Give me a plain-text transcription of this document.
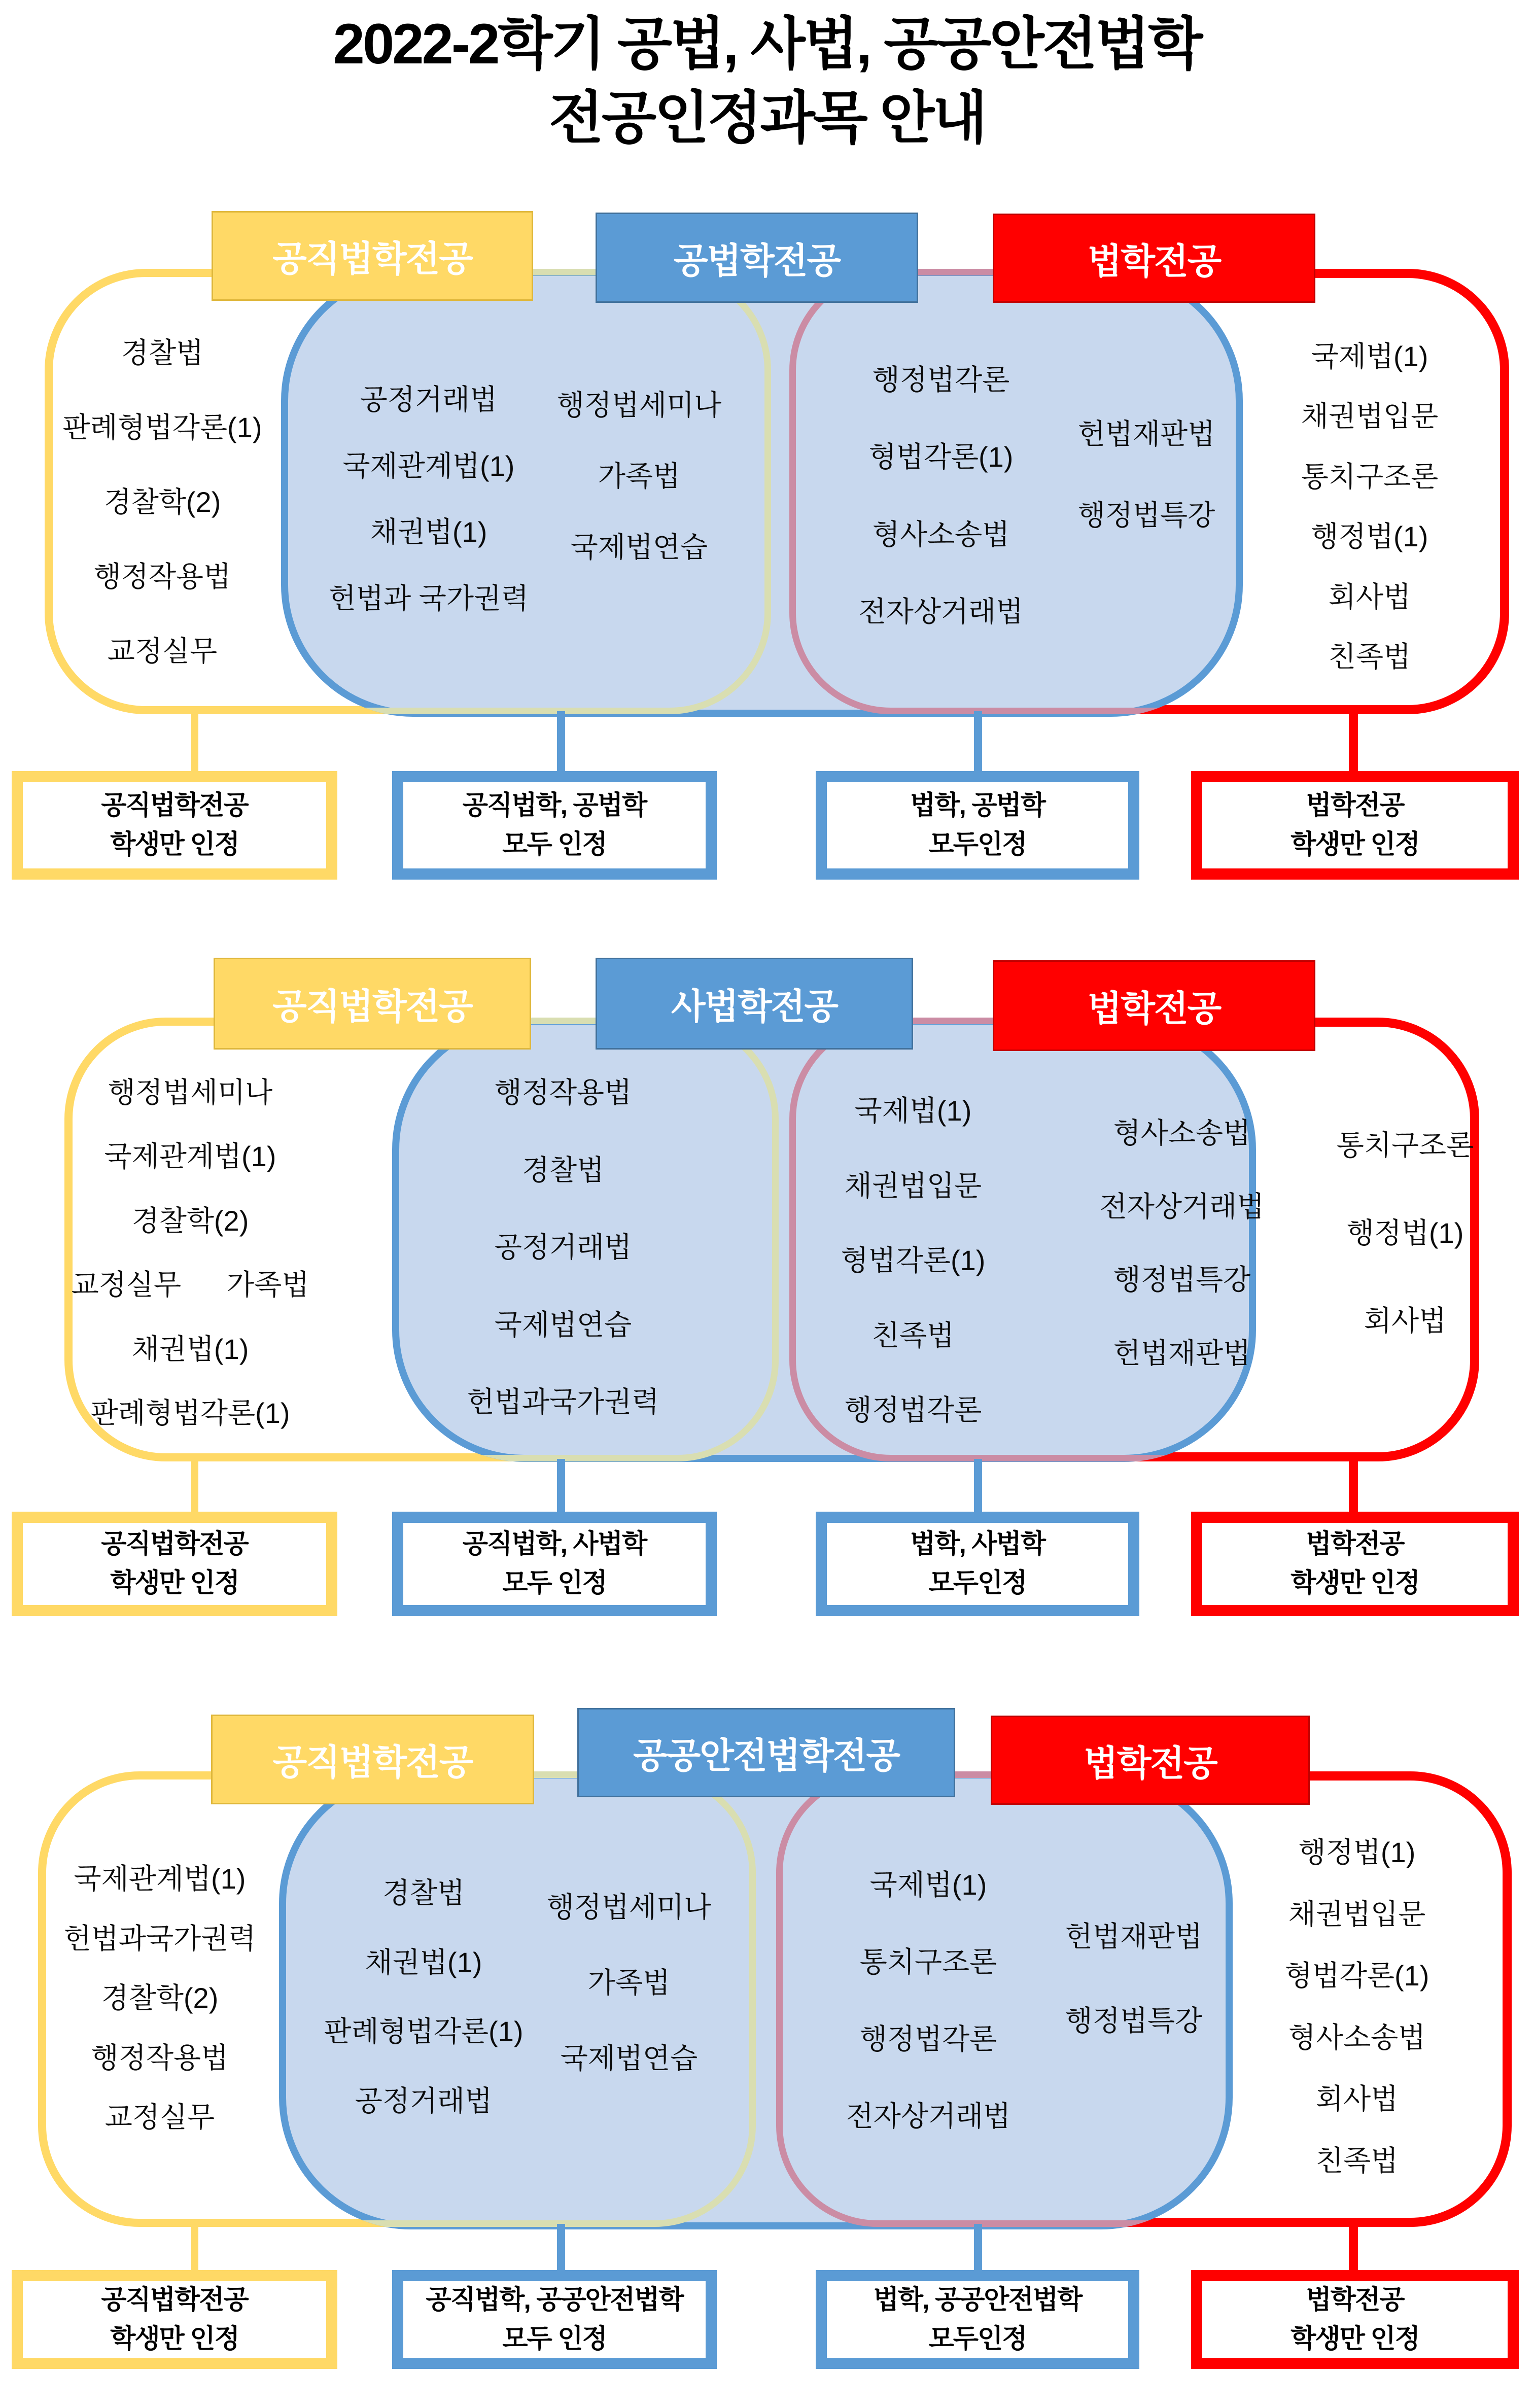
2022-2학기 공법, 사법, 공공안전법학
전공인정과목 안내
경찰법
판례형법각론(1)
경찰학(2)
행정작용법
교정실무
공정거래법
국제관계법(1)
채권법(1)
헌법과 국가권력
행정법세미나
가족법
국제법연습
행정법각론
형법각론(1)
형사소송법
전자상거래법
헌법재판법
행정법특강
국제법(1)
채권법입문
통치구조론
행정법(1)
회사법
친족법
공직법학전공
학생만 인정
공직법학, 공법학
모두 인정
법학, 공법학
모두인정
법학전공
학생만 인정
공직법학전공	공법학전공	법학전공
행정법세미나
국제관계법(1)
경찰학(2)
교정실무 가족법
채권법(1)
판례형법각론(1)
행정작용법
경찰법
공정거래법
국제법연습
헌법과국가권력
국제법(1)
채권법입문
형법각론(1)
친족법
행정법각론
형사소송법
전자상거래법
행정법특강
헌법재판법
통치구조론
행정법(1)
회사법
공직법학전공
학생만 인정
공직법학, 사법학
모두 인정
법학, 사법학
모두인정
법학전공
학생만 인정
공직법학전공	사법학전공	법학전공
국제관계법(1)
헌법과국가권력
경찰학(2)
행정작용법
교정실무
경찰법
채권법(1)
판례형법각론(1)
공정거래법
행정법세미나
가족법
국제법연습
국제법(1)
통치구조론
행정법각론
전자상거래법
헌법재판법
행정법특강
행정법(1)
채권법입문
형법각론(1)
형사소송법
회사법
친족법
공직법학전공
학생만 인정
공직법학, 공공안전법학
모두 인정
법학, 공공안전법학
모두인정
법학전공
학생만 인정
공직법학전공	공공안전법학전공	법학전공
